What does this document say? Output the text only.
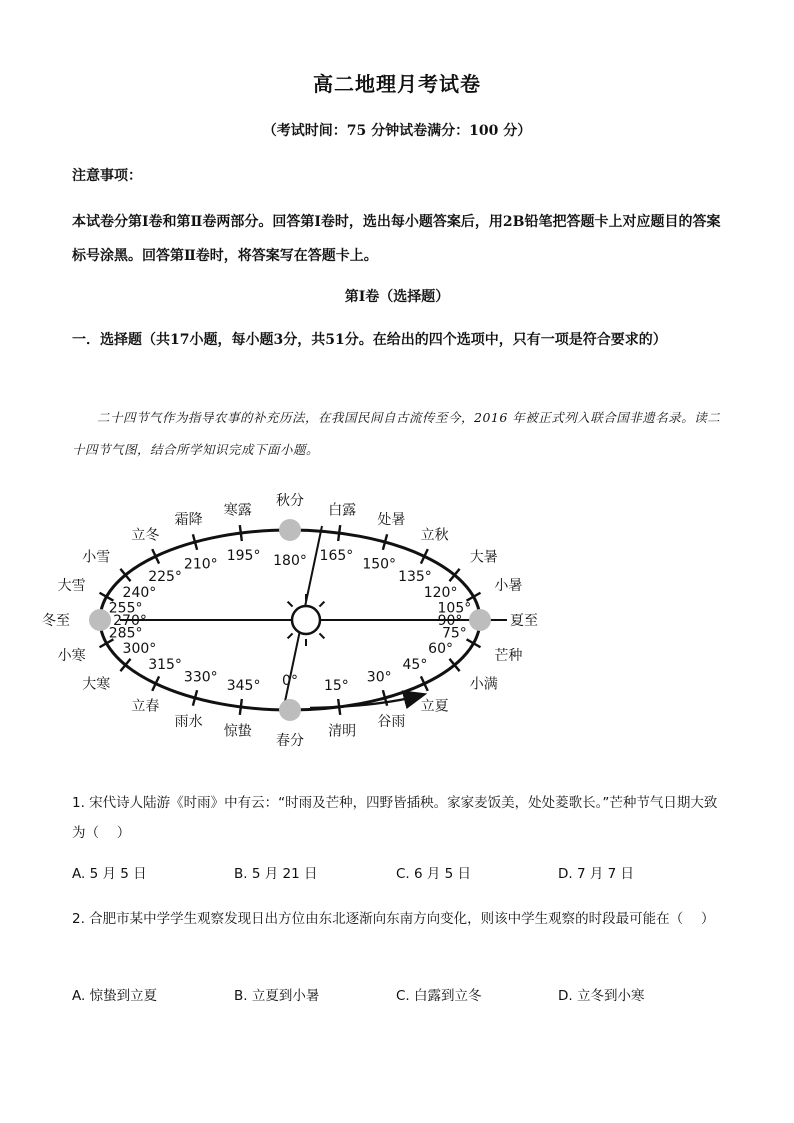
高二地理月考试卷
（考试时间：75 分钟试卷满分：100 分）
注意事项：
本试卷分第Ⅰ卷和第Ⅱ卷两部分。回答第Ⅰ卷时，选出每小题答案后，用2B铅笔把答题卡上对应题目的答案标号涂黑。回答第Ⅱ卷时，将答案写在答题卡上。
第Ⅰ卷（选择题）
一．选择题（共17小题，每小题3分，共51分。在给出的四个选项中，只有一项是符合要求的）
二十四节气作为指导农事的补充历法，在我国民间自古流传至今，2016 年被正式列入联合国非遗名录。读二十四节气图，结合所学知识完成下面小题。
0°
春分
15°
清明
30°
谷雨
45°
立夏
60°
小满
75°
芒种
90°	夏至
105°
小暑
120°
大暑
135°
立秋
150°
处暑
165°
白露
180°
秋分
195°
寒露
210°
霜降
225°
立冬
240°
小雪
255°
大雪
270°
冬至
285°
小寒	300°
大寒
315°
立春
330°
雨水
345°
惊蛰
1. 宋代诗人陆游《时雨》中有云：“时雨及芒种，四野皆插秧。家家麦饭美，处处菱歌长。”芒种节气日期大致为（　 ）
A. 5 月 5 日	B. 5 月 21 日	C. 6 月 5 日	D. 7 月 7 日
2. 合肥市某中学学生观察发现日出方位由东北逐渐向东南方向变化，则该中学生观察的时段最可能在（　 ）
A. 惊蛰到立夏	B. 立夏到小暑	C. 白露到立冬	D. 立冬到小寒
